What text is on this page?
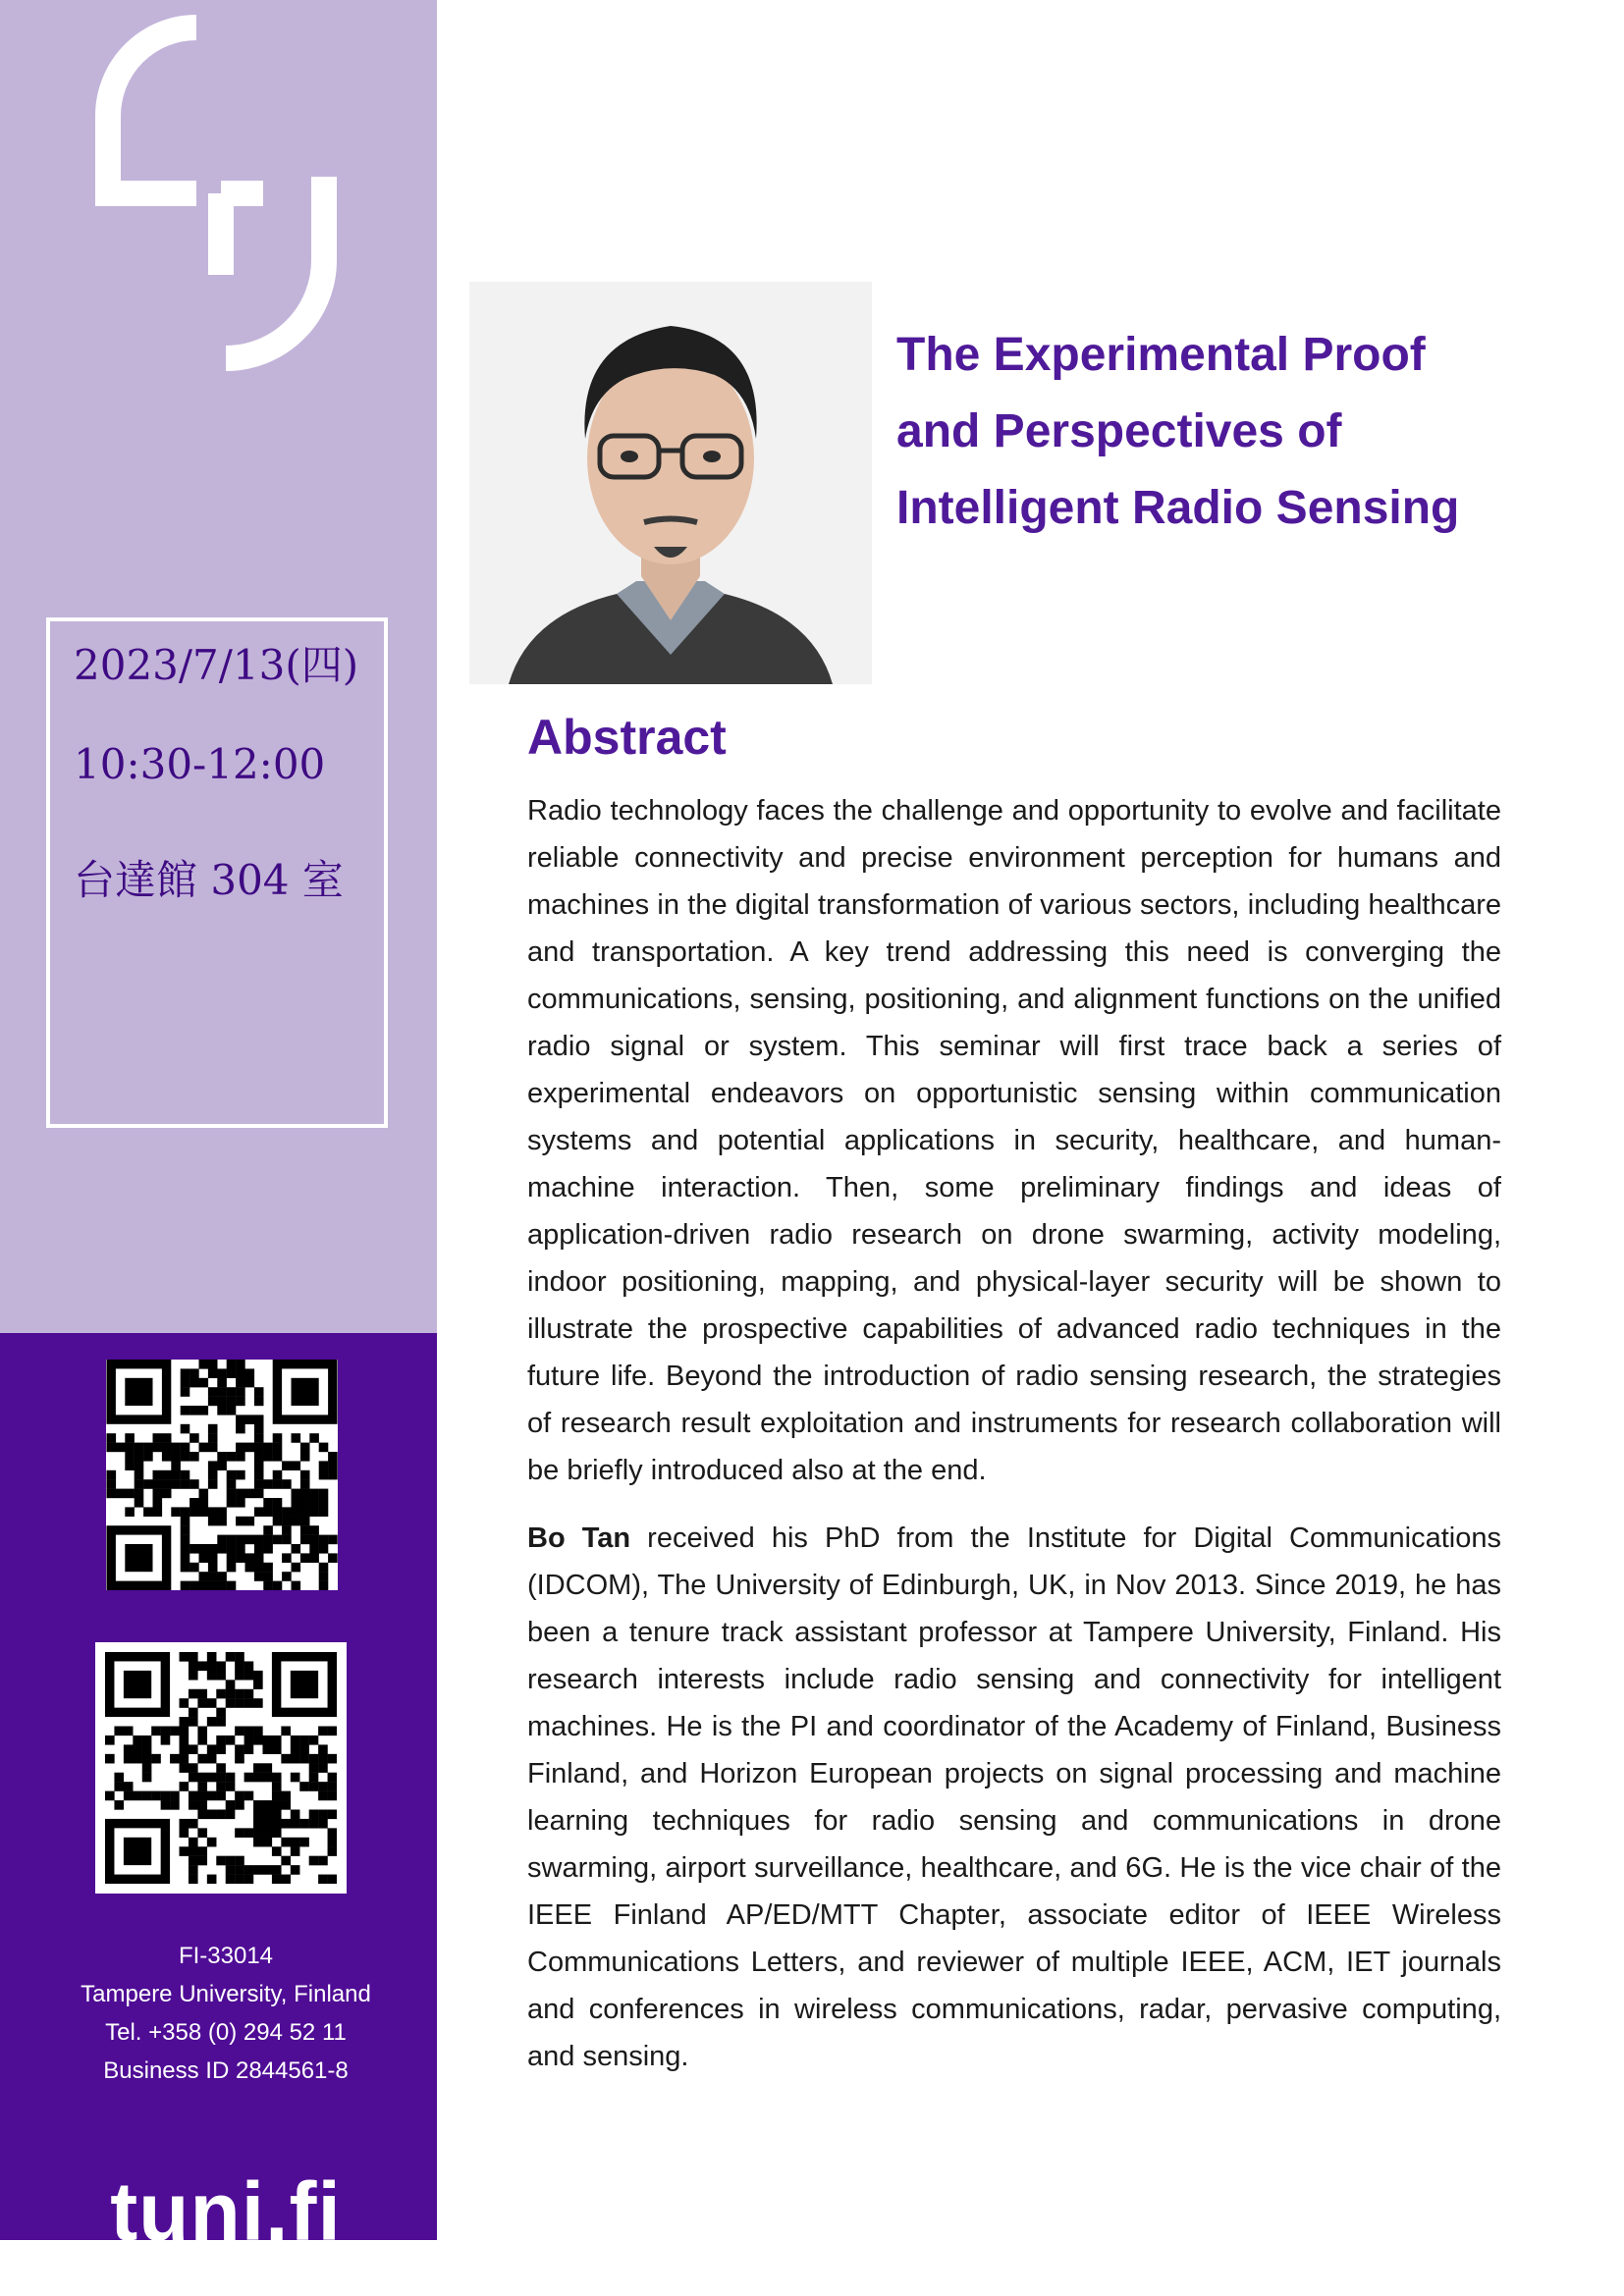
2023/7/13(四)
10:30-12:00
台達館 304 室
FI-33014
Tampere University, Finland
Tel. +358 (0) 294 52 11
Business ID 2844561-8
tuni.fi
The Experimental Proof
and Perspectives of
Intelligent Radio Sensing
Abstract
Radio technology faces the challenge and opportunity to evolve and facilitate reliable connectivity and precise environment perception for humans and machines in the digital transformation of various sectors, including healthcare and transportation. A key trend addressing this need is converging the communications, sensing, positioning, and alignment functions on the unified radio signal or system. This seminar will first trace back a series of experimental endeavors on opportunistic sensing within communication systems and potential applications in security, healthcare, and human-machine interaction. Then, some preliminary findings and ideas of application-driven radio research on drone swarming, activity modeling, indoor positioning, mapping, and physical-layer security will be shown to illustrate the prospective capabilities of advanced radio techniques in the future life. Beyond the introduction of radio sensing research, the strategies of research result exploitation and instruments for research collaboration will be briefly introduced also at the end.
Bo Tan received his PhD from the Institute for Digital Communications (IDCOM), The University of Edinburgh, UK, in Nov 2013. Since 2019, he has been a tenure track assistant professor at Tampere University, Finland. His research interests include radio sensing and connectivity for intelligent machines. He is the PI and coordinator of the Academy of Finland, Business Finland, and Horizon European projects on signal processing and machine learning techniques for radio sensing and communications in drone swarming, airport surveillance, healthcare, and 6G. He is the vice chair of the IEEE Finland AP/ED/MTT Chapter, associate editor of IEEE Wireless Communications Letters, and reviewer of multiple IEEE, ACM, IET journals and conferences in wireless communications, radar, pervasive computing, and sensing.
